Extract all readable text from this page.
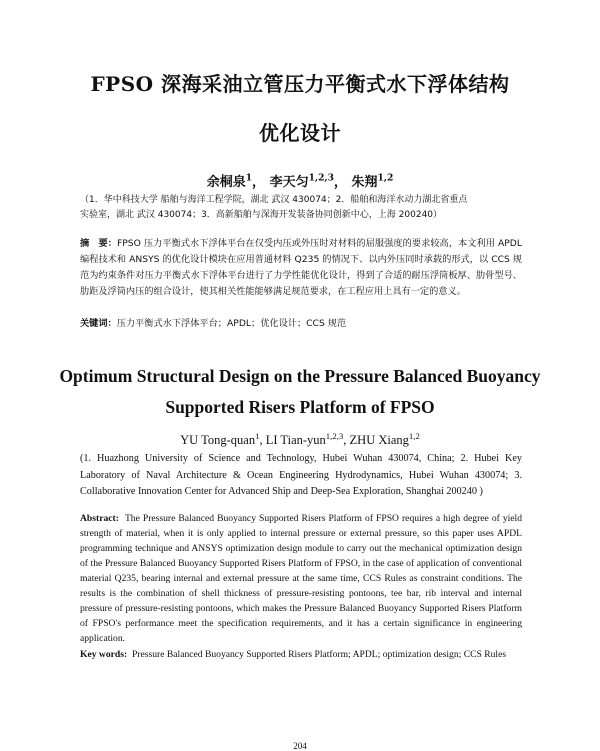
FPSO 深海采油立管压力平衡式水下浮体结构
优化设计
余桐泉$^1$， 李天匀$^{1,2,3}$， 朱翔$^{1,2}$
（1．华中科技大学 船舶与海洋工程学院，湖北 武汉 430074；2．船舶和海洋水动力湖北省重点
实验室，湖北 武汉 430074；3．高新船舶与深海开发装备协同创新中心，上海 200240）
摘　要：FPSO 压力平衡式水下浮体平台在仅受内压或外压时对材料的屈服强度的要求较高，本文利用 APDL 编程技术和 ANSYS 的优化设计模块在应用普通材料 Q235 的情况下、以内外压同时承载的形式，以 CCS 规范为约束条件对压力平衡式水下浮体平台进行了力学性能优化设计，得到了合适的耐压浮筒板厚、肋骨型号、肋距及浮筒内压的组合设计，使其相关性能能够满足规范要求，在工程应用上具有一定的意义。
关键词：压力平衡式水下浮体平台；APDL；优化设计；CCS 规范
Optimum Structural Design on the Pressure Balanced Buoyancy
Supported Risers Platform of FPSO
YU Tong-quan$^1$, LI Tian-yun$^{1,2,3}$, ZHU Xiang$^{1,2}$
(1. Huazhong University of Science and Technology, Hubei Wuhan 430074, China; 2. Hubei Key Laboratory of Naval Architecture & Ocean Engineering Hydrodynamics, Hubei Wuhan 430074; 3. Collaborative Innovation Center for Advanced Ship and Deep-Sea Exploration, Shanghai 200240 )
Abstract: The Pressure Balanced Buoyancy Supported Risers Platform of FPSO requires a high degree of yield strength of material, when it is only applied to internal pressure or external pressure, so this paper uses APDL programming technique and ANSYS optimization design module to carry out the mechanical optimization design of the Pressure Balanced Buoyancy Supported Risers Platform of FPSO, in the case of application of conventional material Q235, bearing internal and external pressure at the same time, CCS Rules as constraint conditions. The results is the combination of shell thickness of pressure-resisting pontoons, tee bar, rib interval and internal pressure of pressure-resisting pontoons, which makes the Pressure Balanced Buoyancy Supported Risers Platform of FPSO's performance meet the specification requirements, and it has a certain significance in engineering application.
Key words: Pressure Balanced Buoyancy Supported Risers Platform; APDL; optimization design; CCS Rules
204
